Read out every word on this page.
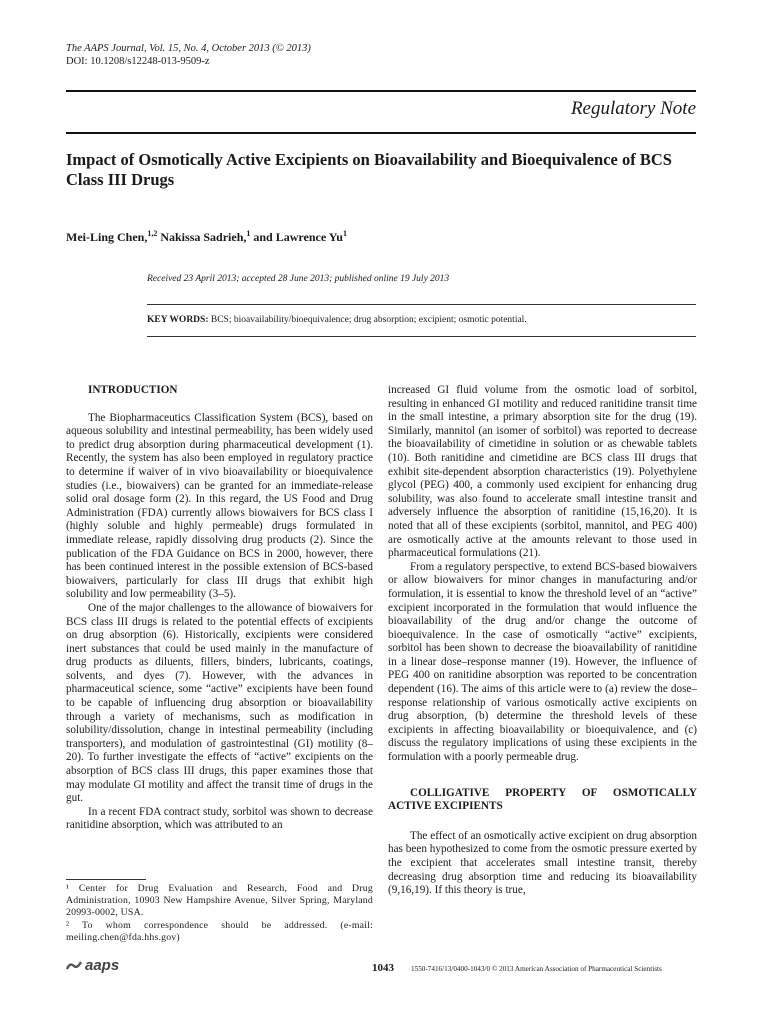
The AAPS Journal, Vol. 15, No. 4, October 2013 (© 2013)
DOI: 10.1208/s12248-013-9509-z
Regulatory Note
Impact of Osmotically Active Excipients on Bioavailability and Bioequivalence of BCS Class III Drugs
Mei-Ling Chen,$^{1,2}$ Nakissa Sadrieh,$^1$ and Lawrence Yu$^1$
Received 23 April 2013; accepted 28 June 2013; published online 19 July 2013
KEY WORDS: BCS; bioavailability/bioequivalence; drug absorption; excipient; osmotic potential.

INTRODUCTION

The Biopharmaceutics Classification System (BCS), based on aqueous solubility and intestinal permeability, has been widely used to predict drug absorption during pharmaceutical development (1). Recently, the system has also been employed in regulatory practice to determine if waiver of in vivo bioavailability or bioequivalence studies (i.e., biowaivers) can be granted for an immediate-release solid oral dosage form (2). In this regard, the US Food and Drug Administration (FDA) currently allows biowaivers for BCS class I (highly soluble and highly permeable) drugs formulated in immediate release, rapidly dissolving drug products (2). Since the publication of the FDA Guidance on BCS in 2000, however, there has been continued interest in the possible extension of BCS-based biowaivers, particularly for class III drugs that exhibit high solubility and low permeability (3–5).

One of the major challenges to the allowance of biowaivers for BCS class III drugs is related to the potential effects of excipients on drug absorption (6). Historically, excipients were considered inert substances that could be used mainly in the manufacture of drug products as diluents, fillers, binders, lubricants, coatings, solvents, and dyes (7). However, with the advances in pharmaceutical science, some “active” excipients have been found to be capable of influencing drug absorption or bioavailability through a variety of mechanisms, such as modification in solubility/dissolution, change in intestinal permeability (including transporters), and modulation of gastrointestinal (GI) motility (8–20). To further investigate the effects of “active” excipients on the absorption of BCS class III drugs, this paper examines those that may modulate GI motility and affect the transit time of drugs in the gut.

In a recent FDA contract study, sorbitol was shown to decrease ranitidine absorption, which was attributed to an

¹ Center for Drug Evaluation and Research, Food and Drug Administration, 10903 New Hampshire Avenue, Silver Spring, Maryland 20993-0002, USA.
² To whom correspondence should be addressed. (e-mail: meiling.chen@fda.hhs.gov)

increased GI fluid volume from the osmotic load of sorbitol, resulting in enhanced GI motility and reduced ranitidine transit time in the small intestine, a primary absorption site for the drug (19). Similarly, mannitol (an isomer of sorbitol) was reported to decrease the bioavailability of cimetidine in solution or as chewable tablets (10). Both ranitidine and cimetidine are BCS class III drugs that exhibit site-dependent absorption characteristics (19). Polyethylene glycol (PEG) 400, a commonly used excipient for enhancing drug solubility, was also found to accelerate small intestine transit and adversely influence the absorption of ranitidine (15,16,20). It is noted that all of these excipients (sorbitol, mannitol, and PEG 400) are osmotically active at the amounts relevant to those used in pharmaceutical formulations (21).

From a regulatory perspective, to extend BCS-based biowaivers or allow biowaivers for minor changes in manufacturing and/or formulation, it is essential to know the threshold level of an “active” excipient incorporated in the formulation that would influence the bioavailability of the drug and/or change the outcome of bioequivalence. In the case of osmotically “active” excipients, sorbitol has been shown to decrease the bioavailability of ranitidine in a linear dose–response manner (19). However, the influence of PEG 400 on ranitidine absorption was reported to be concentration dependent (16). The aims of this article were to (a) review the dose–response relationship of various osmotically active excipients on drug absorption, (b) determine the threshold levels of these excipients in affecting bioavailability or bioequivalence, and (c) discuss the regulatory implications of using these excipients in the formulation with a poorly permeable drug.

COLLIGATIVE PROPERTY OF OSMOTICALLY ACTIVE EXCIPIENTS

The effect of an osmotically active excipient on drug absorption has been hypothesized to come from the osmotic pressure exerted by the excipient that accelerates small intestine transit, thereby decreasing drug absorption time and reducing its bioavailability (9,16,19). If this theory is true,

aaps	1043 1550-7416/13/0400-1043/0 © 2013 American Association of Pharmaceutical Scientists
